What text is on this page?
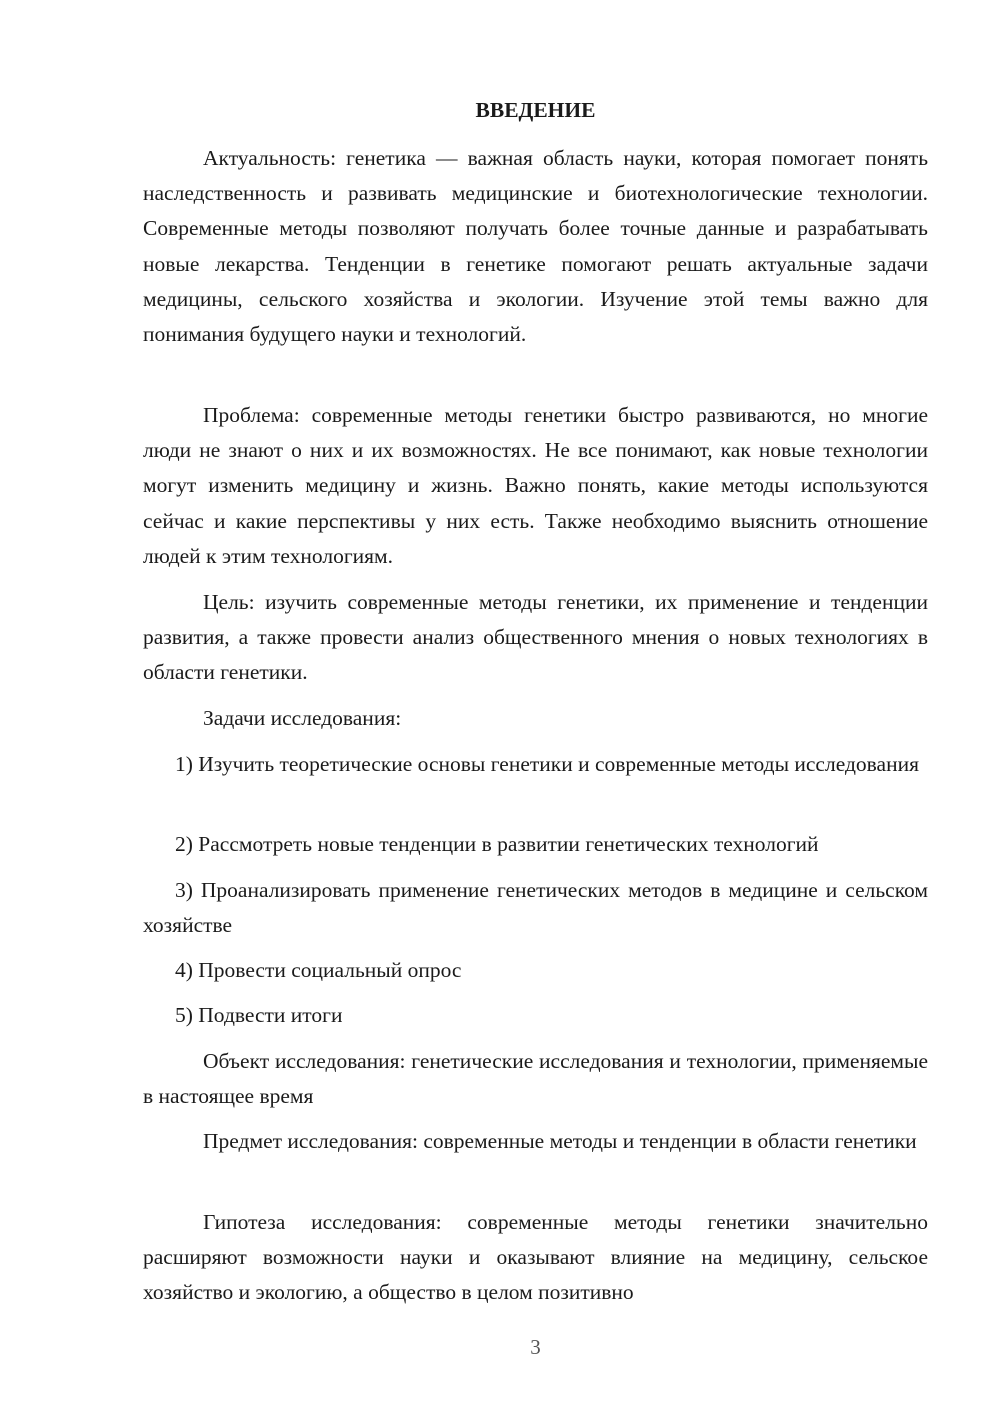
ВВЕДЕНИЕ

Актуальность: генетика — важная область науки, которая помогает понять наследственность и развивать медицинские и биотехнологические технологии. Современные методы позволяют получать более точные данные и разрабатывать новые лекарства. Тенденции в генетике помогают решать актуальные задачи медицины, сельского хозяйства и экологии. Изучение этой темы важно для понимания будущего науки и технологий.

Проблема: современные методы генетики быстро развиваются, но многие люди не знают о них и их возможностях. Не все понимают, как новые технологии могут изменить медицину и жизнь. Важно понять, какие методы используются сейчас и какие перспективы у них есть. Также необходимо выяснить отношение людей к этим технологиям.

Цель: изучить современные методы генетики, их применение и тенденции развития, а также провести анализ общественного мнения о новых технологиях в области генетики.

Задачи исследования:

1) Изучить теоретические основы генетики и современные методы исследования

2) Рассмотреть новые тенденции в развитии генетических технологий

3) Проанализировать применение генетических методов в медицине и сельском хозяйстве

4) Провести социальный опрос

5) Подвести итоги

Объект исследования: генетические исследования и технологии, применяемые в настоящее время

Предмет исследования: современные методы и тенденции в области генетики

Гипотеза исследования: современные методы генетики значительно расширяют возможности науки и оказывают влияние на медицину, сельское хозяйство и экологию, а общество в целом позитивно

3
